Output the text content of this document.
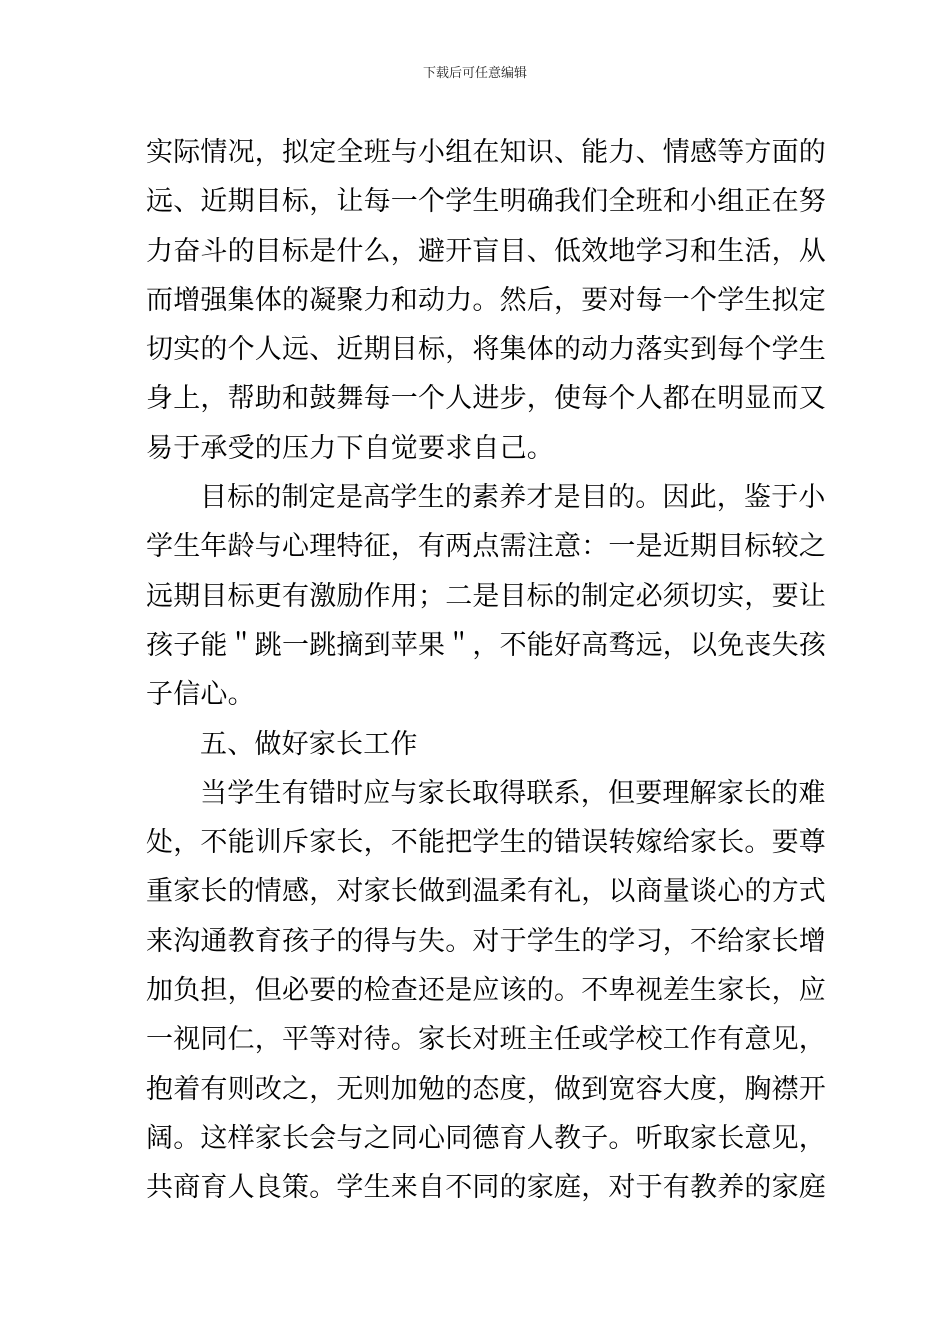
下载后可任意编辑
实际情况，拟定全班与小组在知识、能力、情感等方面的
远、近期目标，让每一个学生明确我们全班和小组正在努
力奋斗的目标是什么，避开盲目、低效地学习和生活，从
而增强集体的凝聚力和动力。然后，要对每一个学生拟定
切实的个人远、近期目标，将集体的动力落实到每个学生
身上，帮助和鼓舞每一个人进步，使每个人都在明显而又
易于承受的压力下自觉要求自己。
目标的制定是高学生的素养才是目的。因此，鉴于小
学生年龄与心理特征，有两点需注意：一是近期目标较之
远期目标更有激励作用；二是目标的制定必须切实，要让
孩子能＂跳一跳摘到苹果＂，不能好高骛远，以免丧失孩
子信心。
五、做好家长工作
当学生有错时应与家长取得联系，但要理解家长的难
处，不能训斥家长，不能把学生的错误转嫁给家长。要尊
重家长的情感，对家长做到温柔有礼，以商量谈心的方式
来沟通教育孩子的得与失。对于学生的学习，不给家长增
加负担，但必要的检查还是应该的。不卑视差生家长，应
一视同仁，平等对待。家长对班主任或学校工作有意见，
抱着有则改之，无则加勉的态度，做到宽容大度，胸襟开
阔。这样家长会与之同心同德育人教子。听取家长意见，
共商育人良策。学生来自不同的家庭，对于有教养的家庭
